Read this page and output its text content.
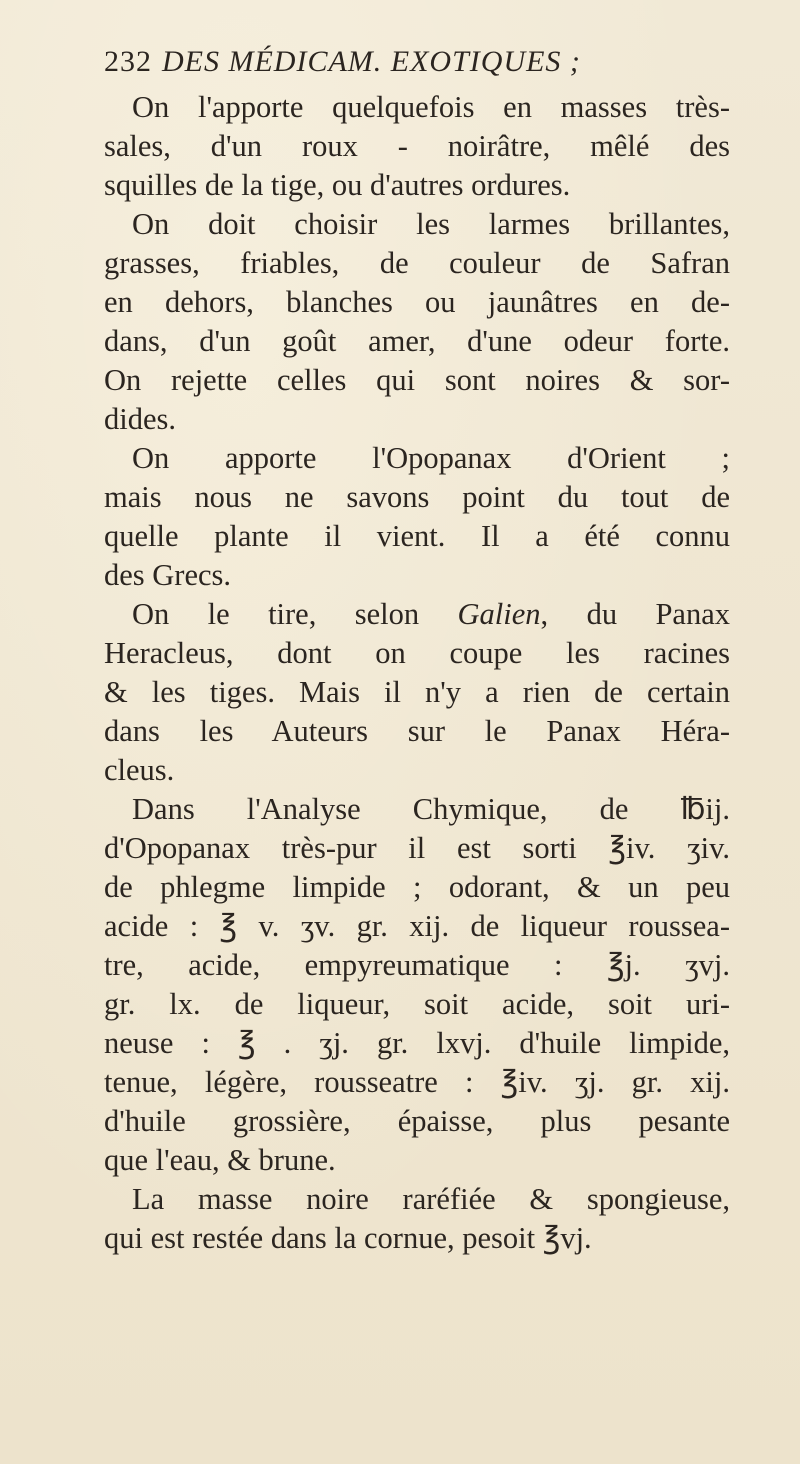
232 DES MÉDICAM. EXOTIQUES ;

On l'apporte quelquefois en masses très-
sales, d'un roux - noirâtre, mêlé des
squilles de la tige, ou d'autres ordures.

On doit choisir les larmes brillantes,
grasses, friables, de couleur de Safran
en dehors, blanches ou jaunâtres en de-
dans, d'un goût amer, d'une odeur forte.
On rejette celles qui sont noires & sor-
dides.

On apporte l'Opopanax d'Orient ;
mais nous ne savons point du tout de
quelle plante il vient. Il a été connu
des Grecs.

On le tire, selon Galien, du Panax
Heracleus, dont on coupe les racines
& les tiges. Mais il n'y a rien de certain
dans les Auteurs sur le Panax Héra-
cleus.

Dans l'Analyse Chymique, de ℔ij.
d'Opopanax très-pur il est sorti ℥iv. ʒiv.
de phlegme limpide ; odorant, & un peu
acide : ℥ v. ʒv. gr. xij. de liqueur roussea-
tre, acide, empyreumatique : ℥j. ʒvj.
gr. lx. de liqueur, soit acide, soit uri-
neuse : ℥ . ʒj. gr. lxvj. d'huile limpide,
tenue, légère, rousseatre : ℥iv. ʒj. gr. xij.
d'huile grossière, épaisse, plus pesante
que l'eau, & brune.

La masse noire raréfiée & spongieuse,
qui est restée dans la cornue, pesoit ℥vj.
